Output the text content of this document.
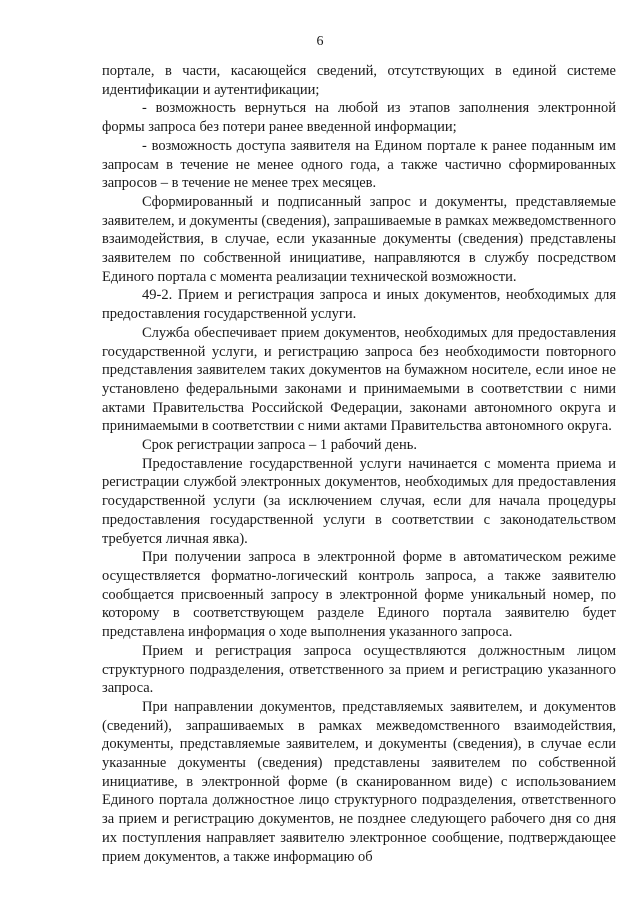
6

порталe, в части, касающейся сведений, отсутствующих в единой системе идентификации и аутентификации;

- возможность вернуться на любой из этапов заполнения электронной формы запроса без потери ранее введенной информации;

- возможность доступа заявителя на Едином портале к ранее поданным им запросам в течение не менее одного года, а также частично сформированных запросов – в течение не менее трех месяцев.

Сформированный и подписанный запрос и документы, представляемые заявителем, и документы (сведения), запрашиваемые в рамках межведомственного взаимодействия, в случае, если указанные документы (сведения) представлены заявителем по собственной инициативе, направляются в службу посредством Единого портала с момента реализации технической возможности.

49-2. Прием и регистрация запроса и иных документов, необходимых для предоставления государственной услуги.

Служба обеспечивает прием документов, необходимых для предоставления государственной услуги, и регистрацию запроса без необходимости повторного представления заявителем таких документов на бумажном носителе, если иное не установлено федеральными законами и принимаемыми в соответствии с ними актами Правительства Российской Федерации, законами автономного округа и принимаемыми в соответствии с ними актами Правительства автономного округа.

Срок регистрации запроса – 1 рабочий день.

Предоставление государственной услуги начинается с момента приема и регистрации службой электронных документов, необходимых для предоставления государственной услуги (за исключением случая, если для начала процедуры предоставления государственной услуги в соответствии с законодательством требуется личная явка).

При получении запроса в электронной форме в автоматическом режиме осуществляется форматно-логический контроль запроса, а также заявителю сообщается присвоенный запросу в электронной форме уникальный номер, по которому в соответствующем разделе Единого портала заявителю будет представлена информация о ходе выполнения указанного запроса.

Прием и регистрация запроса осуществляются должностным лицом структурного подразделения, ответственного за прием и регистрацию указанного запроса.

При направлении документов, представляемых заявителем, и документов (сведений), запрашиваемых в рамках межведомственного взаимодействия, документы, представляемые заявителем, и документы (сведения), в случае если указанные документы (сведения) представлены заявителем по собственной инициативе, в электронной форме (в сканированном виде) с использованием Единого портала должностное лицо структурного подразделения, ответственного за прием и регистрацию документов, не позднее следующего рабочего дня со дня их поступления направляет заявителю электронное сообщение, подтверждающее прием документов, а также информацию об
